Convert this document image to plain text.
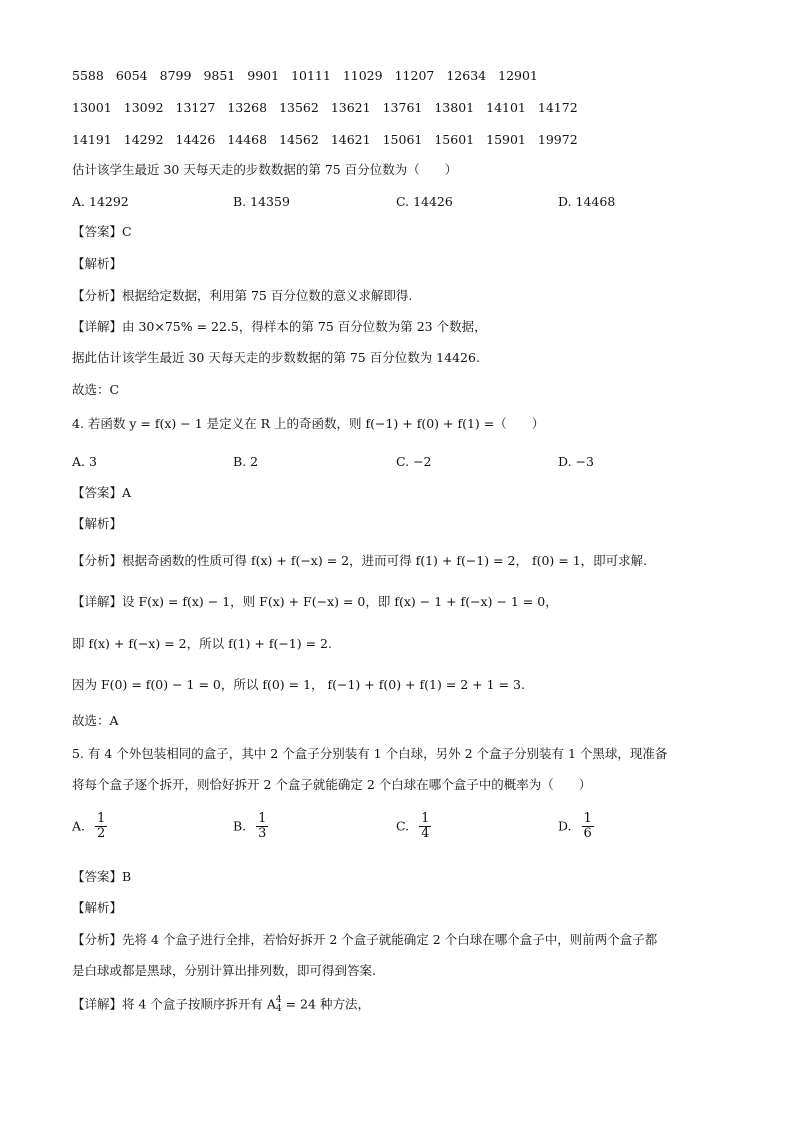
5588 6054 8799 9851 9901 10111 11029 11207 12634 12901
13001 13092 13127 13268 13562 13621 13761 13801 14101 14172
14191 14292 14426 14468 14562 14621 15061 15601 15901 19972
估计该学生最近 30 天每天走的步数数据的第 75 百分位数为（　　）
A. 14292	B. 14359	C. 14426	D. 14468
【答案】C
【解析】
【分析】根据给定数据，利用第 75 百分位数的意义求解即得.
【详解】由 30×75% = 22.5，得样本的第 75 百分位数为第 23 个数据，
据此估计该学生最近 30 天每天走的步数数据的第 75 百分位数为 14426.
故选：C
4. 若函数 y = f(x) − 1 是定义在 R 上的奇函数，则 f(−1) + f(0) + f(1) =（　　）
A. 3	B. 2	C. −2	D. −3
【答案】A
【解析】
【分析】根据奇函数的性质可得 f(x) + f(−x) = 2，进而可得 f(1) + f(−1) = 2， f(0) = 1，即可求解.
【详解】设 F(x) = f(x) − 1，则 F(x) + F(−x) = 0，即 f(x) − 1 + f(−x) − 1 = 0，
即 f(x) + f(−x) = 2，所以 f(1) + f(−1) = 2.
因为 F(0) = f(0) − 1 = 0，所以 f(0) = 1， f(−1) + f(0) + f(1) = 2 + 1 = 3.
故选：A
5. 有 4 个外包装相同的盒子，其中 2 个盒子分别装有 1 个白球，另外 2 个盒子分别装有 1 个黑球，现准备
将每个盒子逐个拆开，则恰好拆开 2 个盒子就能确定 2 个白球在哪个盒子中的概率为（　　）
A. $\frac{1}{2}$	B. $\frac{1}{3}$	C. $\frac{1}{4}$	D. $\frac{1}{6}$
【答案】B
【解析】
【分析】先将 4 个盒子进行全排，若恰好拆开 2 个盒子就能确定 2 个白球在哪个盒子中，则前两个盒子都
是白球或都是黑球，分别计算出排列数，即可得到答案.
【详解】将 4 个盒子按顺序拆开有 A 4
4 = 24 种方法，
